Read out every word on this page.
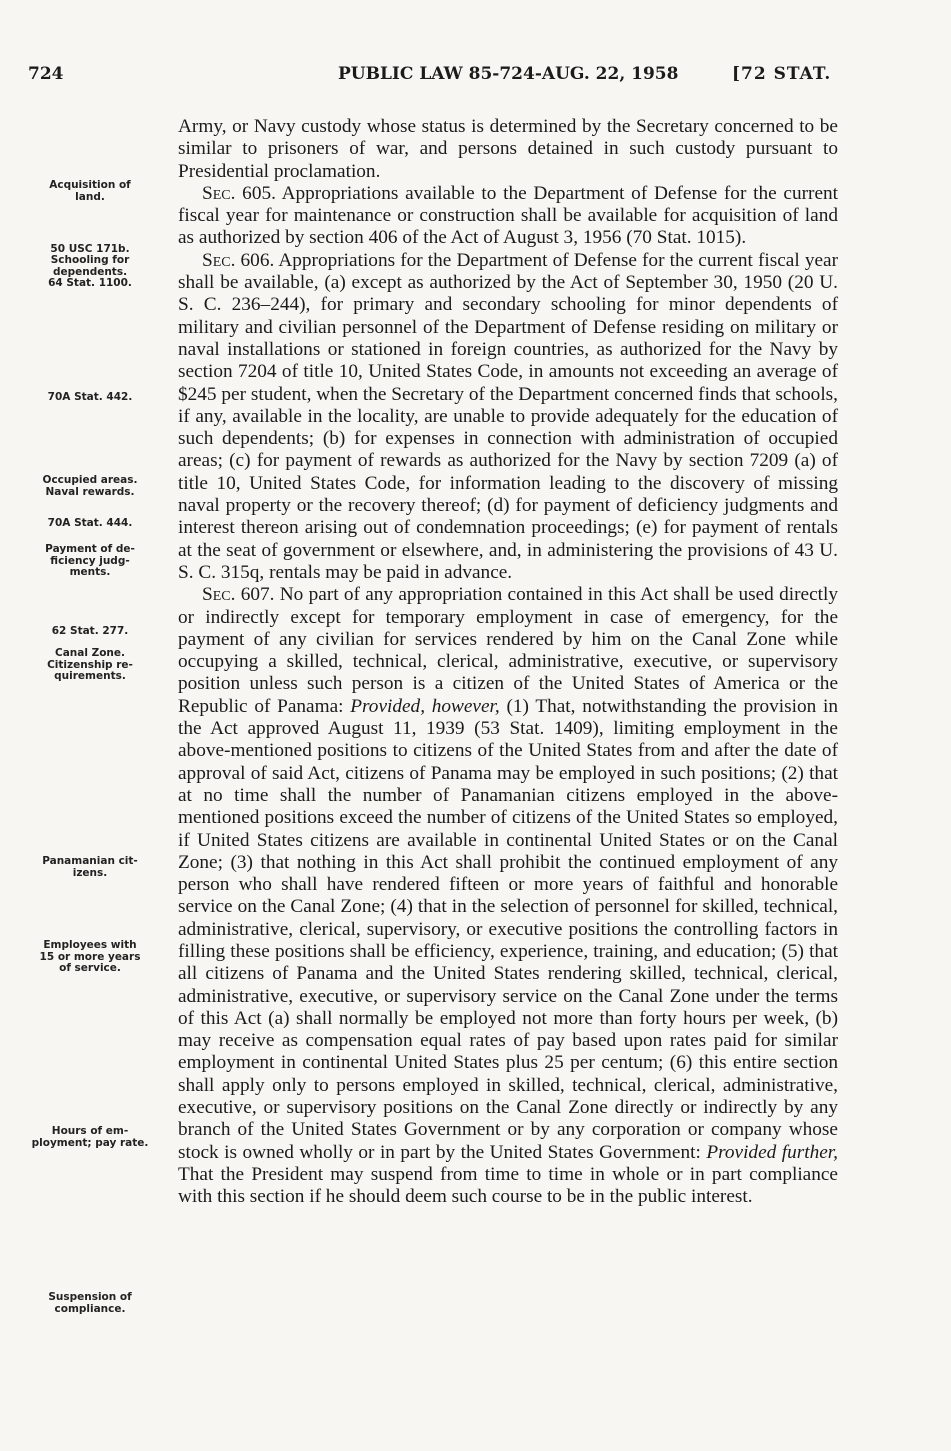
724	PUBLIC LAW 85-724-AUG. 22, 1958	[72 STAT.

Army, or Navy custody whose status is determined by the Secretary concerned to be similar to prisoners of war, and persons detained in such custody pursuant to Presidential proclamation.

Sec. 605. Appropriations available to the Department of Defense for the current fiscal year for maintenance or construction shall be available for acquisition of land as authorized by section 406 of the Act of August 3, 1956 (70 Stat. 1015).

Sec. 606. Appropriations for the Department of Defense for the current fiscal year shall be available, (a) except as authorized by the Act of September 30, 1950 (20 U. S. C. 236–244), for primary and secondary schooling for minor dependents of military and civilian personnel of the Department of Defense residing on military or naval installations or stationed in foreign countries, as authorized for the Navy by section 7204 of title 10, United States Code, in amounts not exceeding an average of $245 per student, when the Secretary of the Department concerned finds that schools, if any, available in the locality, are unable to provide adequately for the education of such dependents; (b) for expenses in connection with administration of occupied areas; (c) for payment of rewards as authorized for the Navy by section 7209 (a) of title 10, United States Code, for information leading to the discovery of missing naval property or the recovery thereof; (d) for payment of deficiency judgments and interest thereon arising out of condemnation proceedings; (e) for payment of rentals at the seat of government or elsewhere, and, in administering the provisions of 43 U. S. C. 315q, rentals may be paid in advance.

Sec. 607. No part of any appropriation contained in this Act shall be used directly or indirectly except for temporary employment in case of emergency, for the payment of any civilian for services rendered by him on the Canal Zone while occupying a skilled, technical, clerical, administrative, executive, or supervisory position unless such person is a citizen of the United States of America or the Republic of Panama: Provided, however, (1) That, notwithstanding the provision in the Act approved August 11, 1939 (53 Stat. 1409), limiting employment in the above-mentioned positions to citizens of the United States from and after the date of approval of said Act, citizens of Panama may be employed in such positions; (2) that at no time shall the number of Panamanian citizens employed in the above-mentioned positions exceed the number of citizens of the United States so employed, if United States citizens are available in continental United States or on the Canal Zone; (3) that nothing in this Act shall prohibit the continued employment of any person who shall have rendered fifteen or more years of faithful and honorable service on the Canal Zone; (4) that in the selection of personnel for skilled, technical, administrative, clerical, supervisory, or executive positions the controlling factors in filling these positions shall be efficiency, experience, training, and education; (5) that all citizens of Panama and the United States rendering skilled, technical, clerical, administrative, executive, or supervisory service on the Canal Zone under the terms of this Act (a) shall normally be employed not more than forty hours per week, (b) may receive as compensation equal rates of pay based upon rates paid for similar employment in continental United States plus 25 per centum; (6) this entire section shall apply only to persons employed in skilled, technical, clerical, administrative, executive, or supervisory positions on the Canal Zone directly or indirectly by any branch of the United States Government or by any corporation or company whose stock is owned wholly or in part by the United States Government: Provided further, That the President may suspend from time to time in whole or in part compliance with this section if he should deem such course to be in the public interest.

Acquisition of
land.
50 USC 171b.
Schooling for
dependents.
64 Stat. 1100.
70A Stat. 442.
Occupied areas.
Naval rewards.
70A Stat. 444.
Payment of de-
ficiency judg-
ments.
62 Stat. 277.
Canal Zone.
Citizenship re-
quirements.
Panamanian cit-
izens.
Employees with
15 or more years
of service.
Hours of em-
ployment; pay rate.
Suspension of
compliance.
